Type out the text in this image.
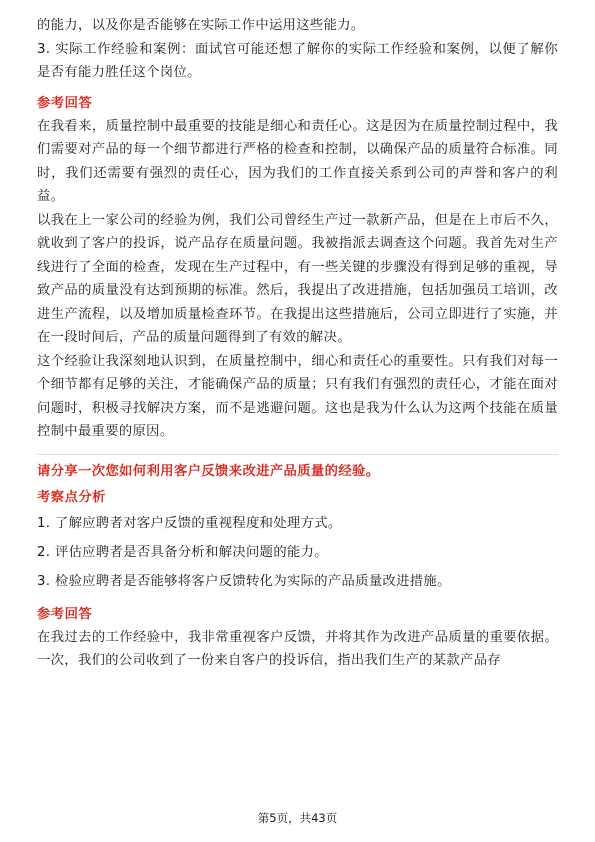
的能力，以及你是否能够在实际工作中运用这些能力。

3. 实际工作经验和案例：面试官可能还想了解你的实际工作经验和案例，以便了解你是否有能力胜任这个岗位。

参考回答

在我看来，质量控制中最重要的技能是细心和责任心。这是因为在质量控制过程中，我们需要对产品的每一个细节都进行严格的检查和控制，以确保产品的质量符合标准。同时，我们还需要有强烈的责任心，因为我们的工作直接关系到公司的声誉和客户的利益。

以我在上一家公司的经验为例，我们公司曾经生产过一款新产品，但是在上市后不久，就收到了客户的投诉，说产品存在质量问题。我被指派去调查这个问题。我首先对生产线进行了全面的检查，发现在生产过程中，有一些关键的步骤没有得到足够的重视，导致产品的质量没有达到预期的标准。然后，我提出了改进措施，包括加强员工培训，改进生产流程，以及增加质量检查环节。在我提出这些措施后，公司立即进行了实施，并在一段时间后，产品的质量问题得到了有效的解决。

这个经验让我深刻地认识到，在质量控制中，细心和责任心的重要性。只有我们对每一个细节都有足够的关注，才能确保产品的质量；只有我们有强烈的责任心，才能在面对问题时，积极寻找解决方案，而不是逃避问题。这也是我为什么认为这两个技能在质量控制中最重要的原因。

请分享一次您如何利用客户反馈来改进产品质量的经验。
考察点分析

1. 了解应聘者对客户反馈的重视程度和处理方式。

2. 评估应聘者是否具备分析和解决问题的能力。

3. 检验应聘者是否能够将客户反馈转化为实际的产品质量改进措施。

参考回答

在我过去的工作经验中，我非常重视客户反馈，并将其作为改进产品质量的重要依据。一次，我们的公司收到了一份来自客户的投诉信，指出我们生产的某款产品存

第5页，共43页
